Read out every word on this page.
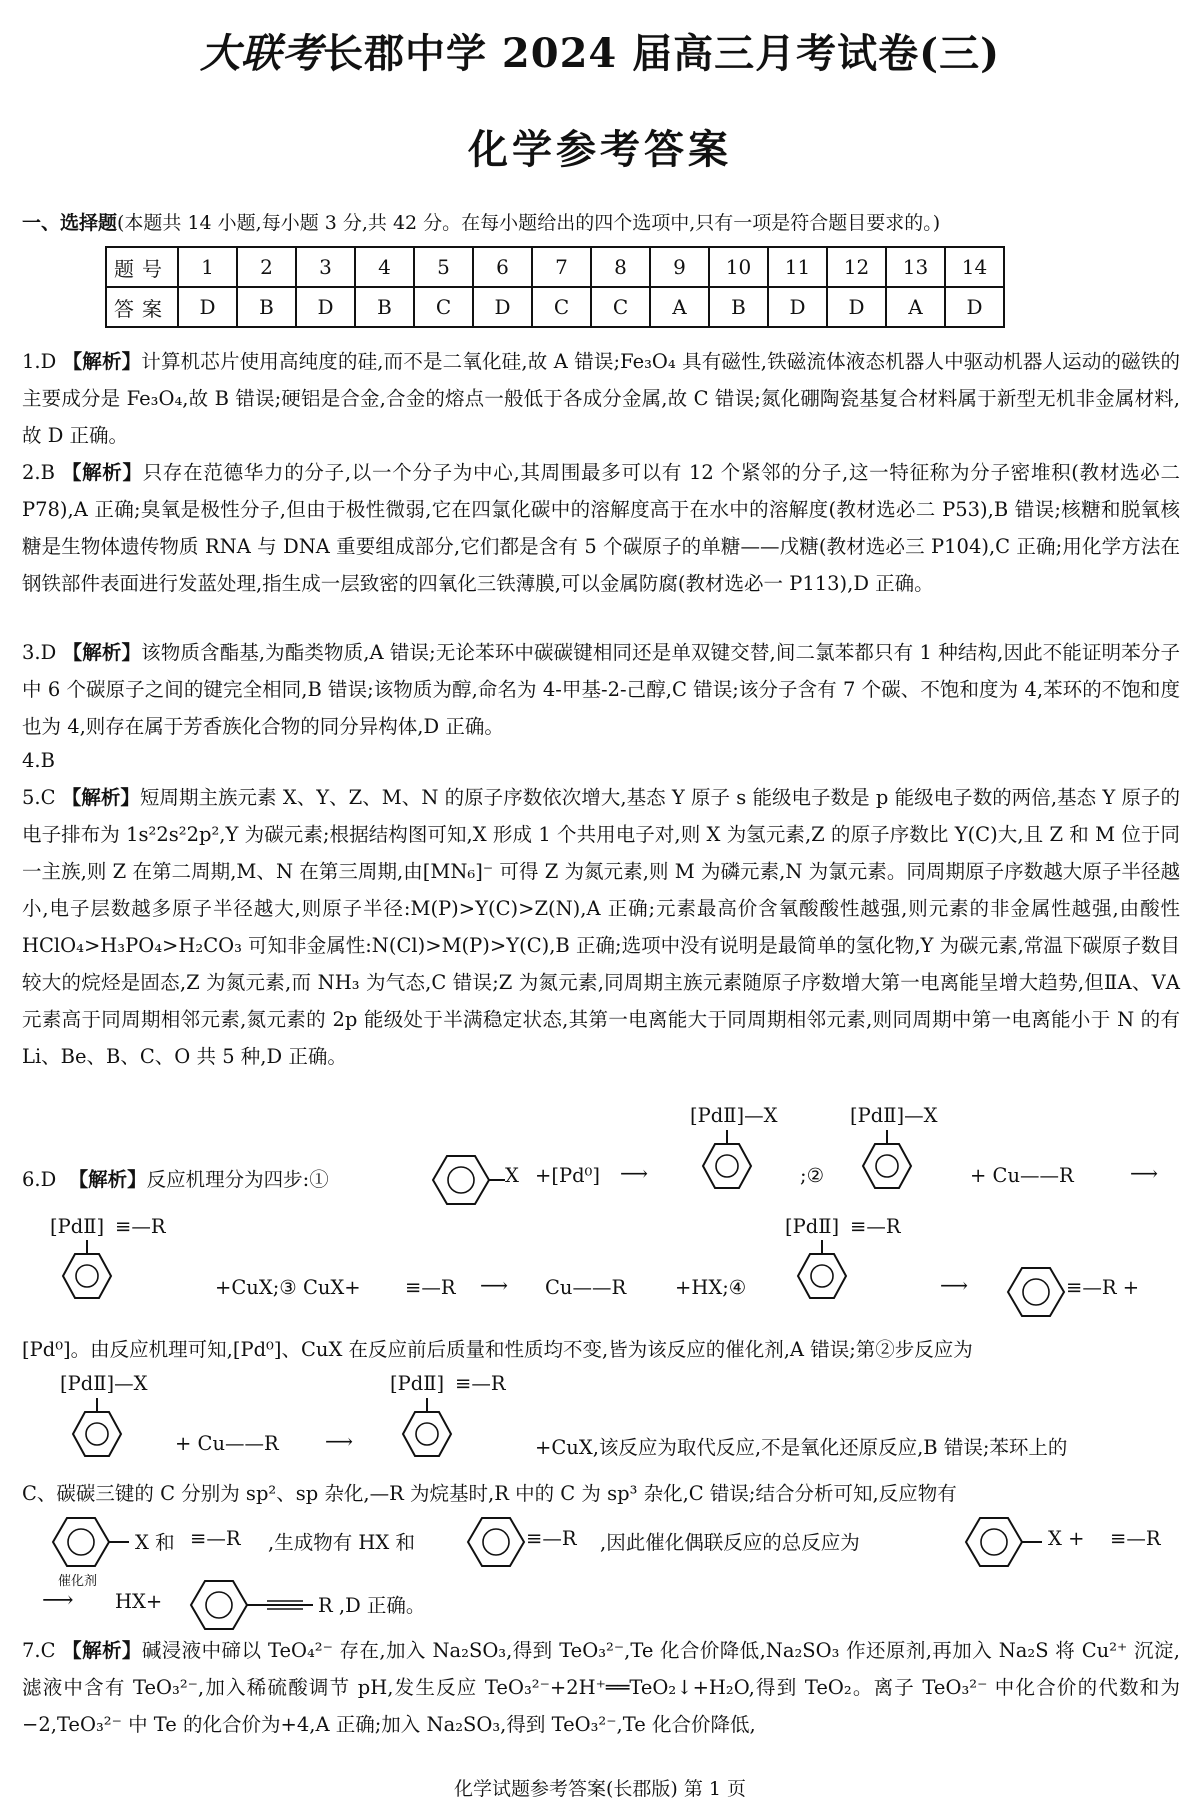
大联考长郡中学 2024 届高三月考试卷(三)
化学参考答案
一、选择题(本题共 14 小题,每小题 3 分,共 42 分。在每小题给出的四个选项中,只有一项是符合题目要求的。)
题号	1	2	3	4	5	6	7	8	9	10	11	12	13	14
答案	D	B	D	B	C	D	C	C	A	B	D	D	A	D
1.D 【解析】计算机芯片使用高纯度的硅,而不是二氧化硅,故 A 错误;Fe₃O₄ 具有磁性,铁磁流体液态机器人中驱动机器人运动的磁铁的主要成分是 Fe₃O₄,故 B 错误;硬铝是合金,合金的熔点一般低于各成分金属,故 C 错误;氮化硼陶瓷基复合材料属于新型无机非金属材料,故 D 正确。
2.B 【解析】只存在范德华力的分子,以一个分子为中心,其周围最多可以有 12 个紧邻的分子,这一特征称为分子密堆积(教材选必二 P78),A 正确;臭氧是极性分子,但由于极性微弱,它在四氯化碳中的溶解度高于在水中的溶解度(教材选必二 P53),B 错误;核糖和脱氧核糖是生物体遗传物质 RNA 与 DNA 重要组成部分,它们都是含有 5 个碳原子的单糖——戊糖(教材选必三 P104),C 正确;用化学方法在钢铁部件表面进行发蓝处理,指生成一层致密的四氧化三铁薄膜,可以金属防腐(教材选必一 P113),D 正确。
3.D 【解析】该物质含酯基,为酯类物质,A 错误;无论苯环中碳碳键相同还是单双键交替,间二氯苯都只有 1 种结构,因此不能证明苯分子中 6 个碳原子之间的键完全相同,B 错误;该物质为醇,命名为 4-甲基-2-己醇,C 错误;该分子含有 7 个碳、不饱和度为 4,苯环的不饱和度也为 4,则存在属于芳香族化合物的同分异构体,D 正确。
4.B
5.C 【解析】短周期主族元素 X、Y、Z、M、N 的原子序数依次增大,基态 Y 原子 s 能级电子数是 p 能级电子数的两倍,基态 Y 原子的电子排布为 1s²2s²2p²,Y 为碳元素;根据结构图可知,X 形成 1 个共用电子对,则 X 为氢元素,Z 的原子序数比 Y(C)大,且 Z 和 M 位于同一主族,则 Z 在第二周期,M、N 在第三周期,由[MN₆]⁻ 可得 Z 为氮元素,则 M 为磷元素,N 为氯元素。同周期原子序数越大原子半径越小,电子层数越多原子半径越大,则原子半径:M(P)>Y(C)>Z(N),A 正确;元素最高价含氧酸酸性越强,则元素的非金属性越强,由酸性 HClO₄>H₃PO₄>H₂CO₃ 可知非金属性:N(Cl)>M(P)>Y(C),B 正确;选项中没有说明是最简单的氢化物,Y 为碳元素,常温下碳原子数目较大的烷烃是固态,Z 为氮元素,而 NH₃ 为气态,C 错误;Z 为氮元素,同周期主族元素随原子序数增大第一电离能呈增大趋势,但ⅡA、ⅤA 元素高于同周期相邻元素,氮元素的 2p 能级处于半满稳定状态,其第一电离能大于同周期相邻元素,则同周期中第一电离能小于 N 的有 Li、Be、B、C、O 共 5 种,D 正确。
6.D 【解析】反应机理分为四步:①	X +[Pd⁰] ⟶
[PdⅡ]—X
;②
[PdⅡ]—X
+ Cu——R	⟶
[PdⅡ] ≡—R
+CuX;③ CuX+ ≡—R ⟶ Cu——R	+HX;④
[PdⅡ] ≡—R
⟶	≡—R +
[Pd⁰]。由反应机理可知,[Pd⁰]、CuX 在反应前后质量和性质均不变,皆为该反应的催化剂,A 错误;第②步反应为
[PdⅡ]—X
+ Cu——R ⟶
[PdⅡ] ≡—R
+CuX,该反应为取代反应,不是氧化还原反应,B 错误;苯环上的
C、碳碳三键的 C 分别为 sp²、sp 杂化,—R 为烷基时,R 中的 C 为 sp³ 杂化,C 错误;结合分析可知,反应物有
X 和 ≡—R ,生成物有 HX 和	≡—R ,因此催化偶联反应的总反应为	X + ≡—R
催化剂
⟶ HX+	R ,D 正确。
7.C 【解析】碱浸液中碲以 TeO₄²⁻ 存在,加入 Na₂SO₃,得到 TeO₃²⁻,Te 化合价降低,Na₂SO₃ 作还原剂,再加入 Na₂S 将 Cu²⁺ 沉淀,滤液中含有 TeO₃²⁻,加入稀硫酸调节 pH,发生反应 TeO₃²⁻+2H⁺══TeO₂↓+H₂O,得到 TeO₂。离子 TeO₃²⁻ 中化合价的代数和为−2,TeO₃²⁻ 中 Te 的化合价为+4,A 正确;加入 Na₂SO₃,得到 TeO₃²⁻,Te 化合价降低,
化学试题参考答案(长郡版) 第 1 页
